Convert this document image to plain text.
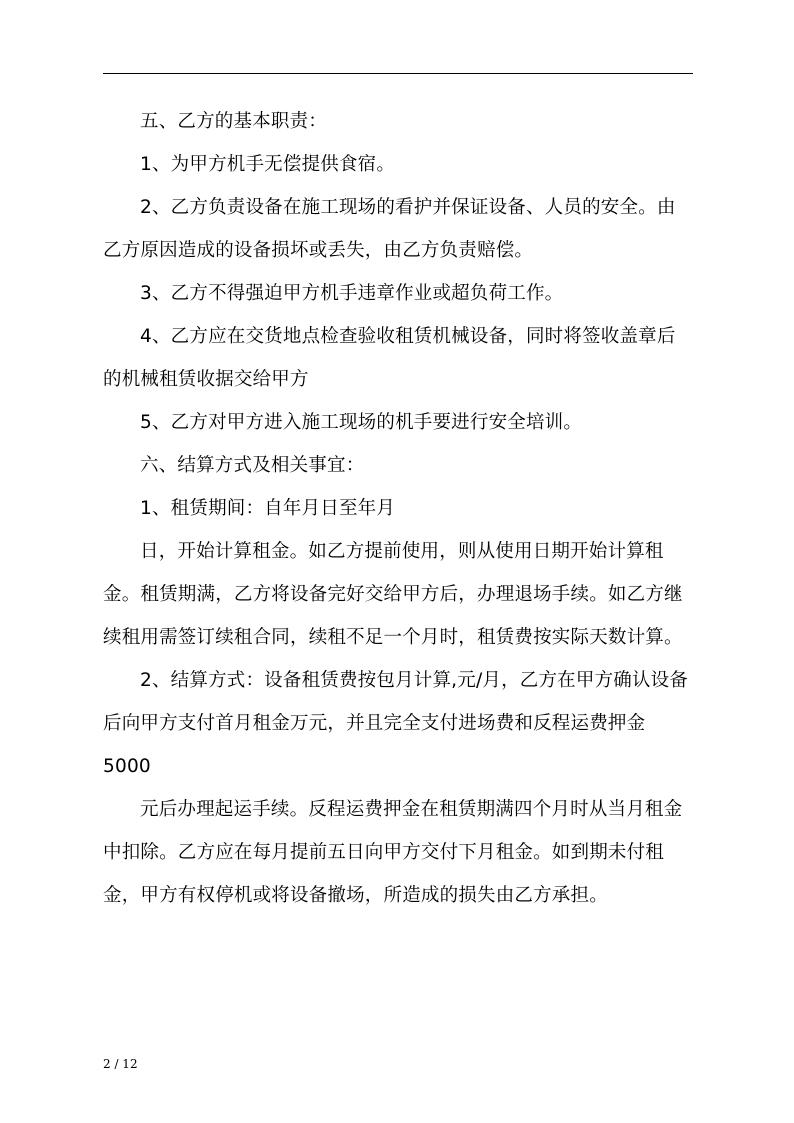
五、乙方的基本职责：

1、为甲方机手无偿提供食宿。

2、乙方负责设备在施工现场的看护并保证设备、人员的安全。由乙方原因造成的设备损坏或丢失，由乙方负责赔偿。

3、乙方不得强迫甲方机手违章作业或超负荷工作。

4、乙方应在交货地点检查验收租赁机械设备，同时将签收盖章后的机械租赁收据交给甲方

5、乙方对甲方进入施工现场的机手要进行安全培训。

六、结算方式及相关事宜：

1、租赁期间：自年月日至年月

日，开始计算租金。如乙方提前使用，则从使用日期开始计算租金。租赁期满，乙方将设备完好交给甲方后，办理退场手续。如乙方继续租用需签订续租合同，续租不足一个月时，租赁费按实际天数计算。

2、结算方式：设备租赁费按包月计算,元/月，乙方在甲方确认设备后向甲方支付首月租金万元，并且完全支付进场费和反程运费押金5000

元后办理起运手续。反程运费押金在租赁期满四个月时从当月租金中扣除。乙方应在每月提前五日向甲方交付下月租金。如到期未付租金，甲方有权停机或将设备撤场，所造成的损失由乙方承担。

2 / 12
